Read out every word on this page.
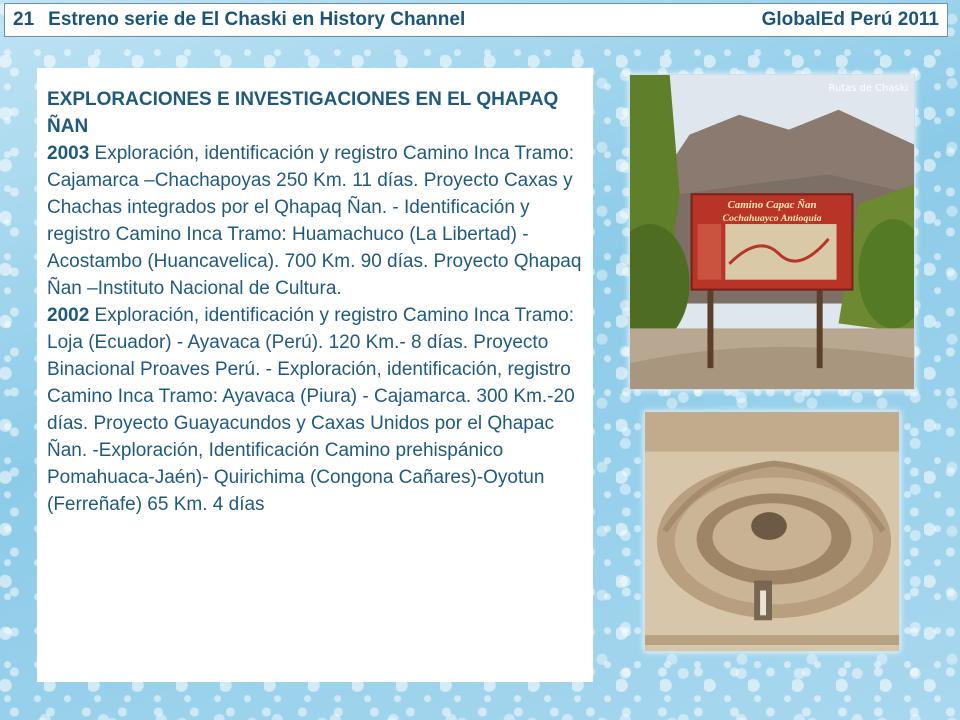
21 Estreno serie de El Chaski en History Channel	GlobalEd Perú 2011
EXPLORACIONES E INVESTIGACIONES EN EL QHAPAQ ÑAN
2003 Exploración, identificación y registro Camino Inca Tramo: Cajamarca –Chachapoyas 250 Km. 11 días. Proyecto Caxas y Chachas integrados por el Qhapaq Ñan. - Identificación y registro Camino Inca Tramo: Huamachuco (La Libertad) - Acostambo (Huancavelica). 700 Km. 90 días. Proyecto Qhapaq Ñan –Instituto Nacional de Cultura.
2002 Exploración, identificación y registro Camino Inca Tramo: Loja (Ecuador) - Ayavaca (Perú). 120 Km.- 8 días. Proyecto Binacional Proaves Perú. - Exploración, identificación, registro Camino Inca Tramo: Ayavaca (Piura) - Cajamarca. 300 Km.-20 días. Proyecto Guayacundos y Caxas Unidos por el Qhapac Ñan. -Exploración, Identificación Camino prehispánico Pomahuaca-Jaén)- Quirichima (Congona Cañares)-Oyotun (Ferreñafe) 65 Km. 4 días
Camino Capac Ñan
Cochahuayco Antioquia
Rutas de Chaski
